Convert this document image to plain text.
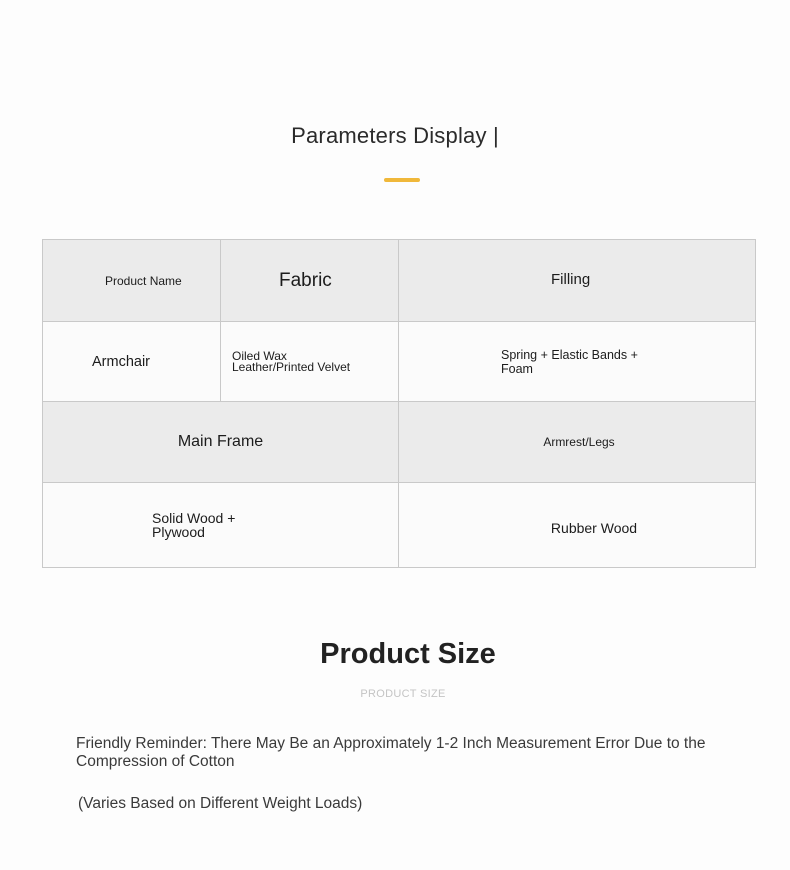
Parameters Display |
Product Name	Fabric	Filling

Armchair	Oiled Wax Leather/Printed Velvet	Spring + Elastic Bands + Foam

Main Frame		Armrest/Legs

Solid Wood + Plywood		Rubber Wood
Product Size
PRODUCT SIZE
Friendly Reminder: There May Be an Approximately 1-2 Inch Measurement Error Due to the Compression of Cotton
(Varies Based on Different Weight Loads)
